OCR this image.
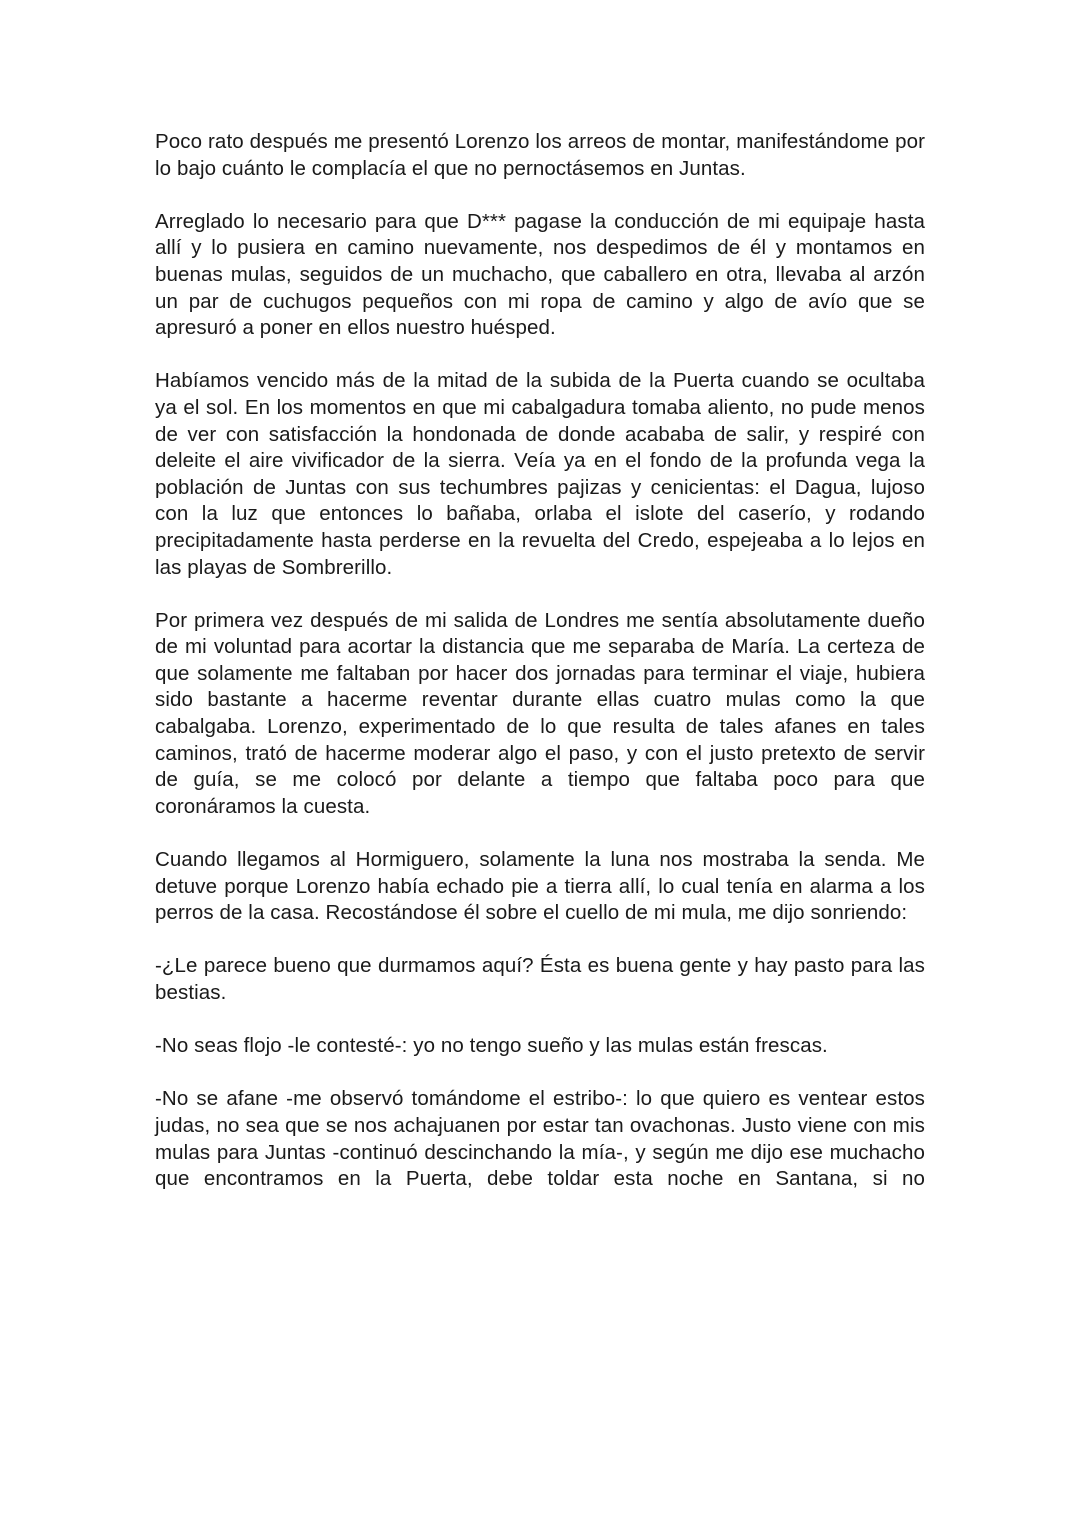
Poco rato después me presentó Lorenzo los arreos de montar, manifestándome por lo bajo cuánto le complacía el que no pernoctásemos en Juntas.

Arreglado lo necesario para que D*** pagase la conducción de mi equipaje hasta allí y lo pusiera en camino nuevamente, nos despedimos de él y montamos en buenas mulas, seguidos de un muchacho, que caballero en otra, llevaba al arzón un par de cuchugos pequeños con mi ropa de camino y algo de avío que se apresuró a poner en ellos nuestro huésped.

Habíamos vencido más de la mitad de la subida de la Puerta cuando se ocultaba ya el sol. En los momentos en que mi cabalgadura tomaba aliento, no pude menos de ver con satisfacción la hondonada de donde acababa de salir, y respiré con deleite el aire vivificador de la sierra. Veía ya en el fondo de la profunda vega la población de Juntas con sus techumbres pajizas y cenicientas: el Dagua, lujoso con la luz que entonces lo bañaba, orlaba el islote del caserío, y rodando precipitadamente hasta perderse en la revuelta del Credo, espejeaba a lo lejos en las playas de Sombrerillo.

Por primera vez después de mi salida de Londres me sentía absolutamente dueño de mi voluntad para acortar la distancia que me separaba de María. La certeza de que solamente me faltaban por hacer dos jornadas para terminar el viaje, hubiera sido bastante a hacerme reventar durante ellas cuatro mulas como la que cabalgaba. Lorenzo, experimentado de lo que resulta de tales afanes en tales caminos, trató de hacerme moderar algo el paso, y con el justo pretexto de servir de guía, se me colocó por delante a tiempo que faltaba poco para que coronáramos la cuesta.

Cuando llegamos al Hormiguero, solamente la luna nos mostraba la senda. Me detuve porque Lorenzo había echado pie a tierra allí, lo cual tenía en alarma a los perros de la casa. Recostándose él sobre el cuello de mi mula, me dijo sonriendo:

-¿Le parece bueno que durmamos aquí? Ésta es buena gente y hay pasto para las bestias.

-No seas flojo -le contesté-: yo no tengo sueño y las mulas están frescas.

-No se afane -me observó tomándome el estribo-: lo que quiero es ventear estos judas, no sea que se nos achajuanen por estar tan ovachonas. Justo viene con mis mulas para Juntas -continuó descinchando la mía-, y según me dijo ese muchacho que encontramos en la Puerta, debe toldar esta noche en Santana, si no
